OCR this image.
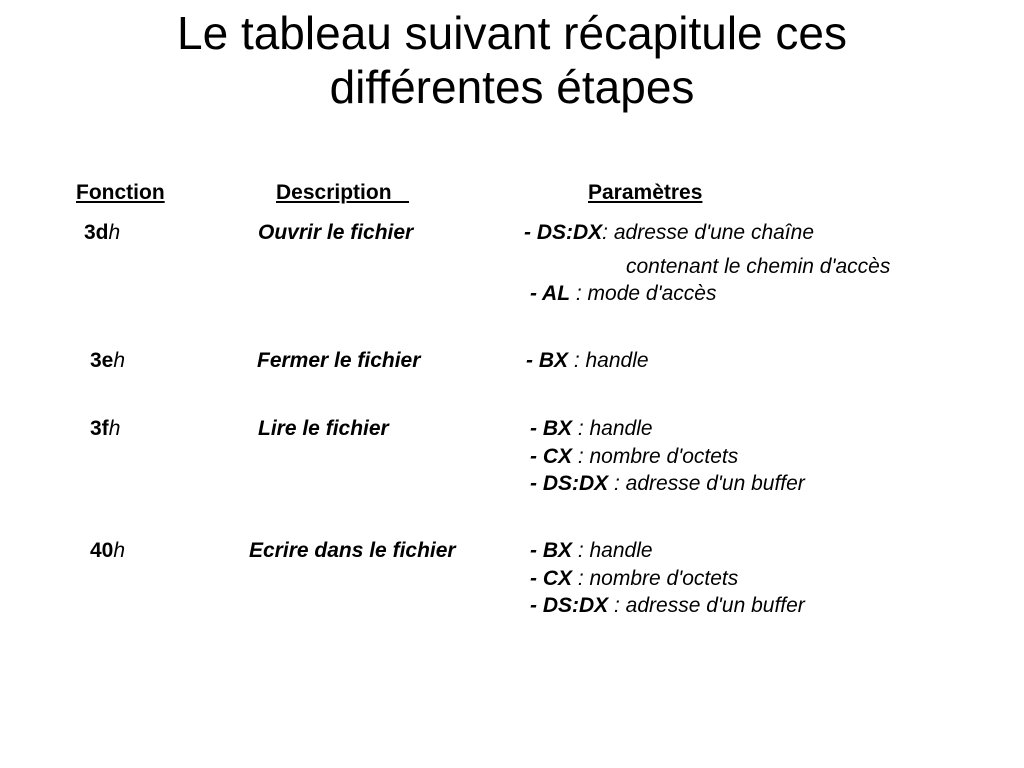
Le tableau suivant récapitule ces
différentes étapes
Fonction	Description	Paramètres
3dh	Ouvrir le fichier	- DS:DX: adresse d'une chaîne
contenant le chemin d'accès
- AL : mode d'accès
3eh	Fermer le fichier	- BX : handle
3fh	Lire le fichier	- BX : handle
- CX : nombre d'octets
- DS:DX : adresse d'un buffer
40h	Ecrire dans le fichier	- BX : handle
- CX : nombre d'octets
- DS:DX : adresse d'un buffer
